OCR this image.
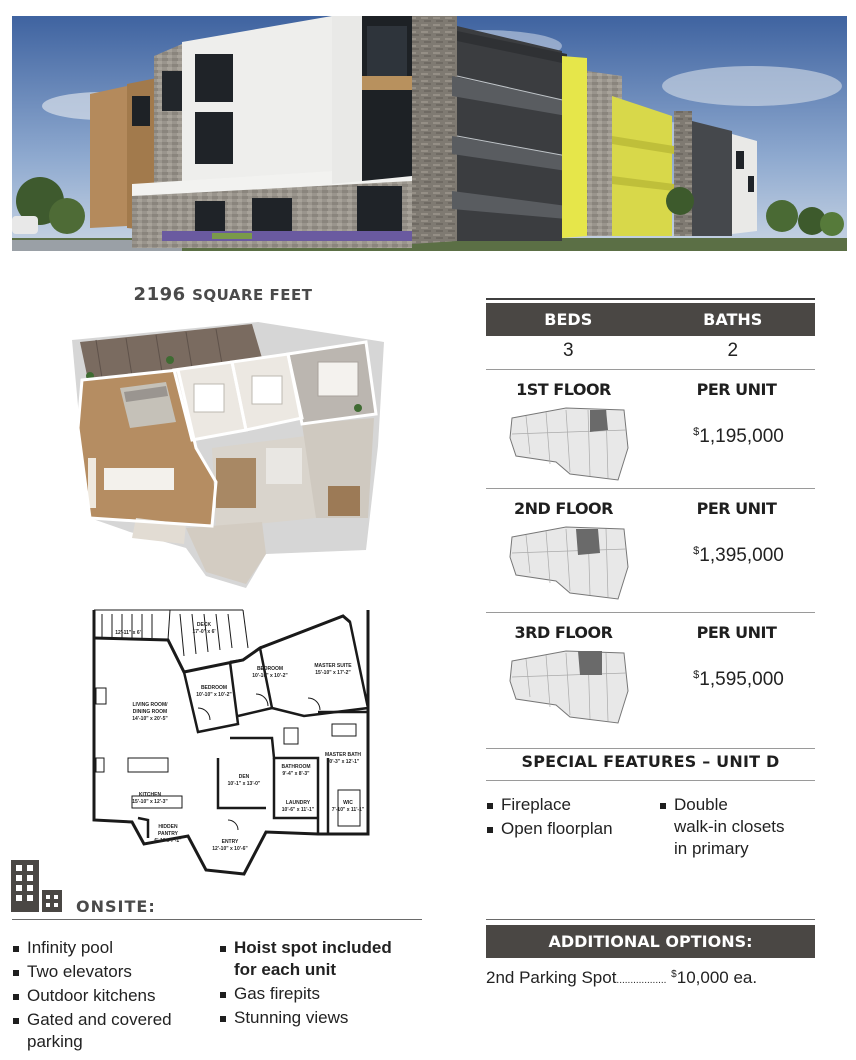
2196 SQUARE FEET
12'-11" x 6'
DECK
17'-0" x 6'
BEDROOM
10'-10" x 10'-2"
BEDROOM
10'-10" x 10'-2"
MASTER SUITE
15'-10" x 17'-2"
LIVING ROOM/
DINING ROOM
14'-10" x 20'-5"
KITCHEN
15'-10" x 12'-3"
DEN
10'-1" x 13'-0"
BATHROOM
9'-4" x 8'-3"
MASTER BATH
10'-3" x 12'-1"
LAUNDRY
10'-6" x 11'-1"
WIC
7'-10" x 11'-1"
HIDDEN
PANTRY
6'-1" x 7'-1"	ENTRY
12'-10" x 10'-6"
BEDS	BATHS
3	2
1ST FLOOR	PER UNIT
$1,195,000
2ND FLOOR	PER UNIT
$1,395,000
3RD FLOOR	PER UNIT
$1,595,000
SPECIAL FEATURES – UNIT D
Fireplace
Open floorplan
Double
walk-in closets
in primary
ONSITE:
Infinity pool
Two elevators
Outdoor kitchens
Gated and covered
parking
Hoist spot included
for each unit
Gas firepits
Stunning views
ADDITIONAL OPTIONS:
2nd Parking Spot.................. $10,000 ea.
